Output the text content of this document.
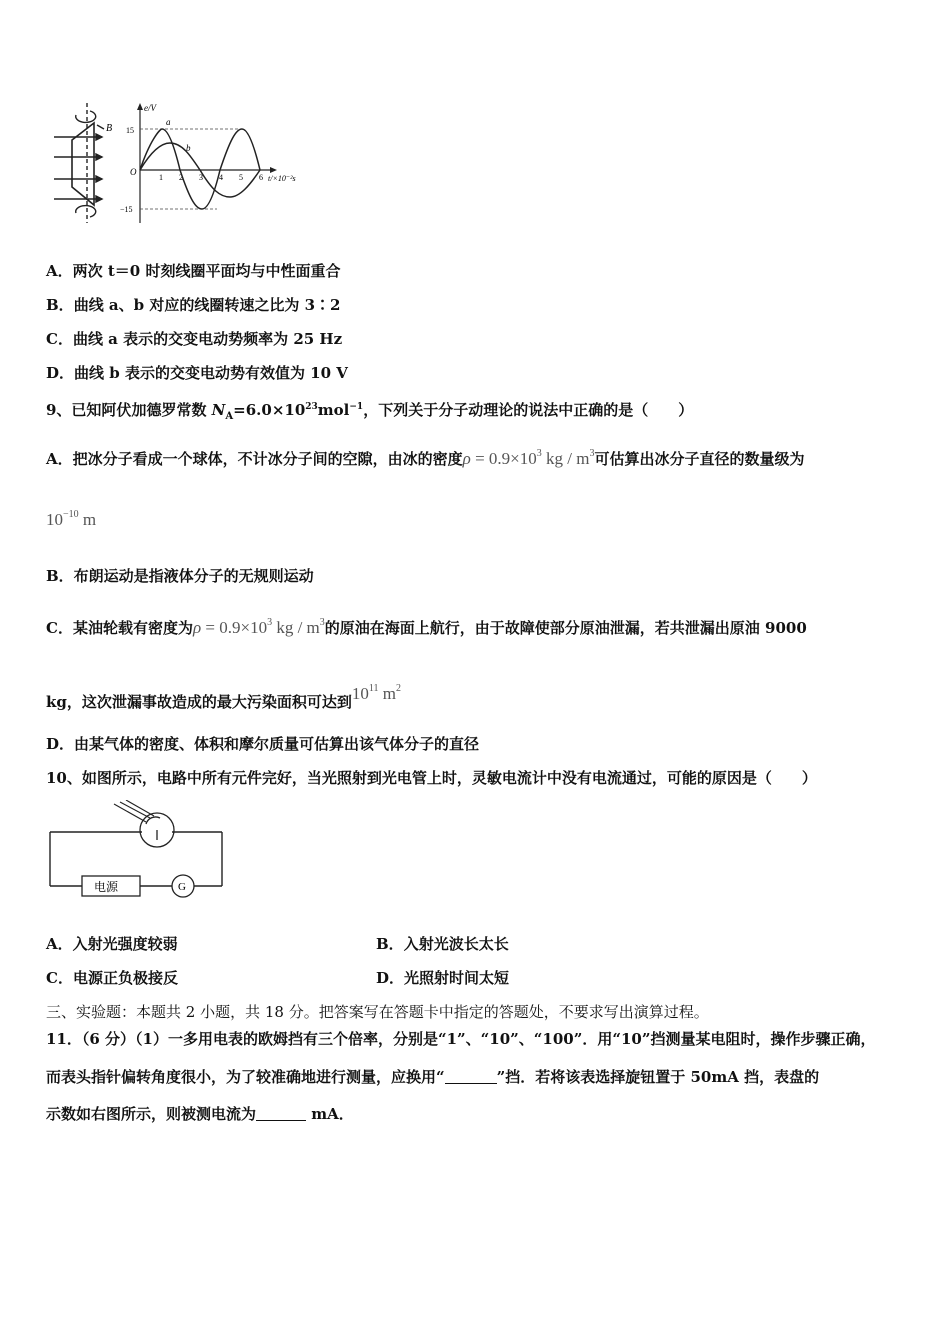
B
e/V
t/×10⁻²s
O
15
−15
1 2 3 4 5 6
a
b
A．两次 t＝0 时刻线圈平面均与中性面重合
B．曲线 a、b 对应的线圈转速之比为 3∶2
C．曲线 a 表示的交变电动势频率为 25 Hz
D．曲线 b 表示的交变电动势有效值为 10 V
9、已知阿伏加德罗常数 $N_A=6.0\times 10^{23}mol^{-1}$，下列关于分子动理论的说法中正确的是（　　）
A．把冰分子看成一个球体，不计冰分子间的空隙，由冰的密度$\rho = 0.9\times 10^3$ kg / $m^3$可估算出冰分子直径的数量级为
$10^{-10}$ m
B．布朗运动是指液体分子的无规则运动
C．某油轮载有密度为$\rho = 0.9\times 10^3$ kg / $m^3$的原油在海面上航行，由于故障使部分原油泄漏，若共泄漏出原油 9000
kg，这次泄漏事故造成的最大污染面积可达到$10^{11}$ $m^2$
D．由某气体的密度、体积和摩尔质量可估算出该气体分子的直径
10、如图所示，电路中所有元件完好，当光照射到光电管上时，灵敏电流计中没有电流通过，可能的原因是（　　）
电源	G
A．入射光强度较弱	B．入射光波长太长
C．电源正负极接反	D．光照射时间太短
三、实验题：本题共 2 小题，共 18 分。把答案写在答题卡中指定的答题处，不要求写出演算过程。
11．（6 分）（1）一多用电表的欧姆挡有三个倍率，分别是“1”、“10”、“100”．用“10”挡测量某电阻时，操作步骤正确，
而表头指针偏转角度很小，为了较准确地进行测量，应换用“	”挡．若将该表选择旋钮置于 50mA 挡，表盘的
示数如右图所示，则被测电流为	mA．
